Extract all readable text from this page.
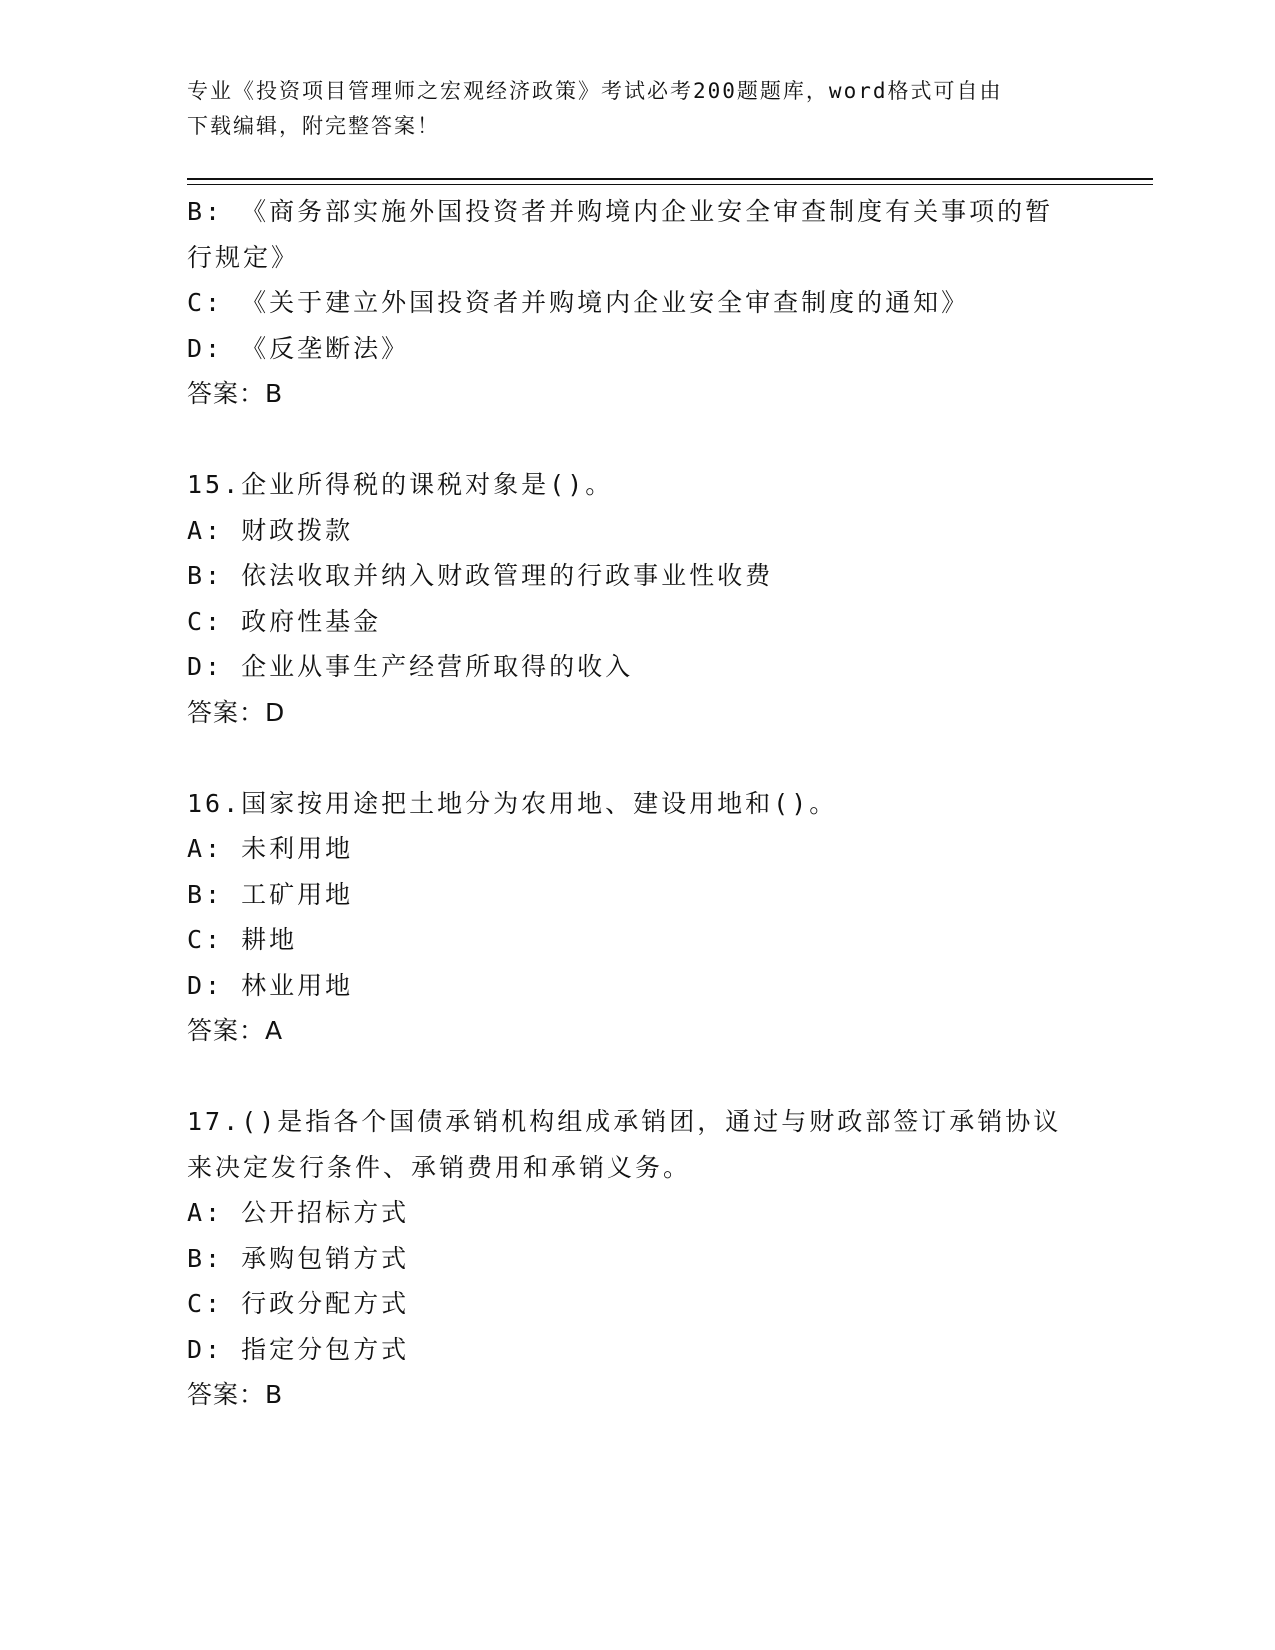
专业《投资项目管理师之宏观经济政策》考试必考200题题库，word格式可自由
下载编辑，附完整答案！
B: 《商务部实施外国投资者并购境内企业安全审查制度有关事项的暂
行规定》
C: 《关于建立外国投资者并购境内企业安全审查制度的通知》
D: 《反垄断法》
答案：B
15.企业所得税的课税对象是()。
A: 财政拨款
B: 依法收取并纳入财政管理的行政事业性收费
C: 政府性基金
D: 企业从事生产经营所取得的收入
答案：D
16.国家按用途把土地分为农用地、建设用地和()。
A: 未利用地
B: 工矿用地
C: 耕地
D: 林业用地
答案：A
17.()是指各个国债承销机构组成承销团，通过与财政部签订承销协议
来决定发行条件、承销费用和承销义务。
A: 公开招标方式
B: 承购包销方式
C: 行政分配方式
D: 指定分包方式
答案：B
